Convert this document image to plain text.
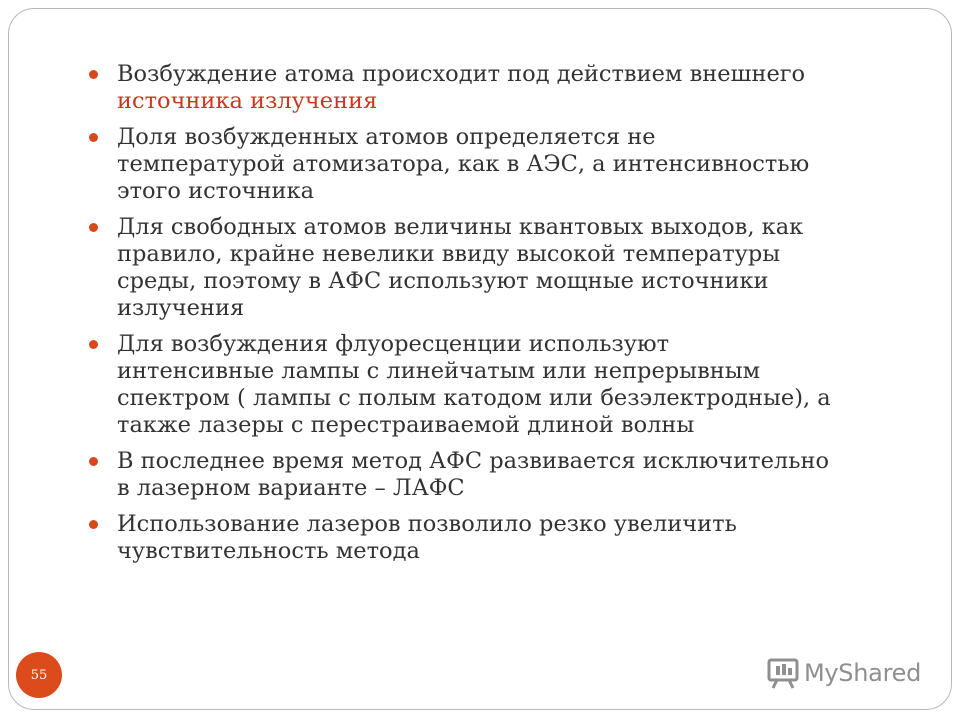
Возбуждение атома происходит под действием внешнего
источника излучения
Доля возбужденных атомов определяется не
температурой атомизатора, как в АЭС, а интенсивностью
этого источника
Для свободных атомов величины квантовых выходов, как
правило, крайне невелики ввиду высокой температуры
среды, поэтому в АФС используют мощные источники
излучения
Для возбуждения флуоресценции используют
интенсивные лампы с линейчатым или непрерывным
спектром ( лампы с полым катодом или безэлектродные), а
также лазеры с перестраиваемой длиной волны
В последнее время метод АФС развивается исключительно
в лазерном варианте – ЛАФС
Использование лазеров позволило резко увеличить
чувствительность метода
55	MyShared
